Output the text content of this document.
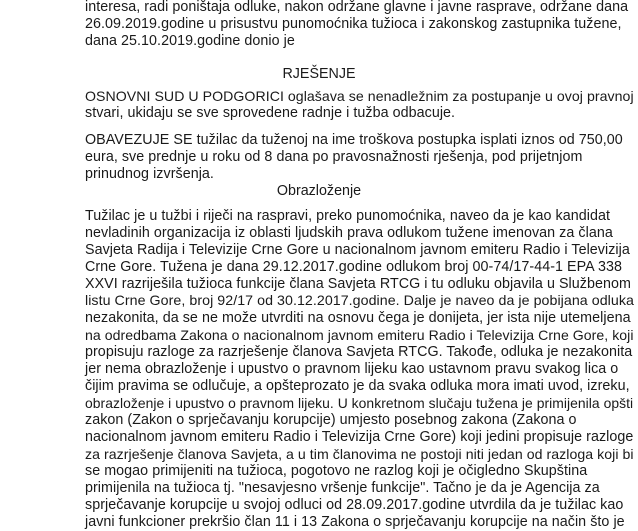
interesa, radi poništaja odluke, nakon održane glavne i javne rasprave, održane dana
26.09.2019.godine u prisustvu punomoćnika tužioca i zakonskog zastupnika tužene,
dana 25.10.2019.godine donio je
RJEŠENJE
OSNOVNI SUD U PODGORICI oglašava se nenadležnim za postupanje u ovoj pravnoj
stvari, ukidaju se sve sprovedene radnje i tužba odbacuje.
OBAVEZUJE SE tužilac da tuženoj na ime troškova postupka isplati iznos od 750,00
eura, sve prednje u roku od 8 dana po pravosnažnosti rješenja, pod prijetnjom
prinudnog izvršenja.
Obrazloženje
Tužilac je u tužbi i riječi na raspravi, preko punomoćnika, naveo da je kao kandidat
nevladinih organizacija iz oblasti ljudskih prava odlukom tužene imenovan za člana
Savjeta Radija i Televizije Crne Gore u nacionalnom javnom emiteru Radio i Televizija
Crne Gore. Tužena je dana 29.12.2017.godine odlukom broj 00-74/17-44-1 EPA 338
XXVI razriješila tužioca funkcije člana Savjeta RTCG i tu odluku objavila u Službenom
listu Crne Gore, broj 92/17 od 30.12.2017.godine. Dalje je naveo da je pobijana odluka
nezakonita, da se ne može utvrditi na osnovu čega je donijeta, jer ista nije utemeljena
na odredbama Zakona o nacionalnom javnom emiteru Radio i Televizija Crne Gore, koji
propisuju razloge za razrješenje članova Savjeta RTCG. Takođe, odluka je nezakonita
jer nema obrazloženje i upustvo o pravnom lijeku kao ustavnom pravu svakog lica o
čijim pravima se odlučuje, a opšteprozato je da svaka odluka mora imati uvod, izreku,
obrazloženje i upustvo o pravnom lijeku. U konkretnom slučaju tužena je primijenila opšti
zakon (Zakon o sprječavanju korupcije) umjesto posebnog zakona (Zakona o
nacionalnom javnom emiteru Radio i Televizija Crne Gore) koji jedini propisuje razloge
za razrješenje članova Savjeta, a u tim članovima ne postoji niti jedan od razloga koji bi
se mogao primijeniti na tužioca, pogotovo ne razlog koji je očigledno Skupština
primijenila na tužioca tj. "nesavjesno vršenje funkcije". Tačno je da je Agencija za
sprječavanje korupcije u svojoj odluci od 28.09.2017.godine utvrdila da je tužilac kao
javni funkcioner prekršio član 11 i 13 Zakona o sprječavanju korupcije na način što je
